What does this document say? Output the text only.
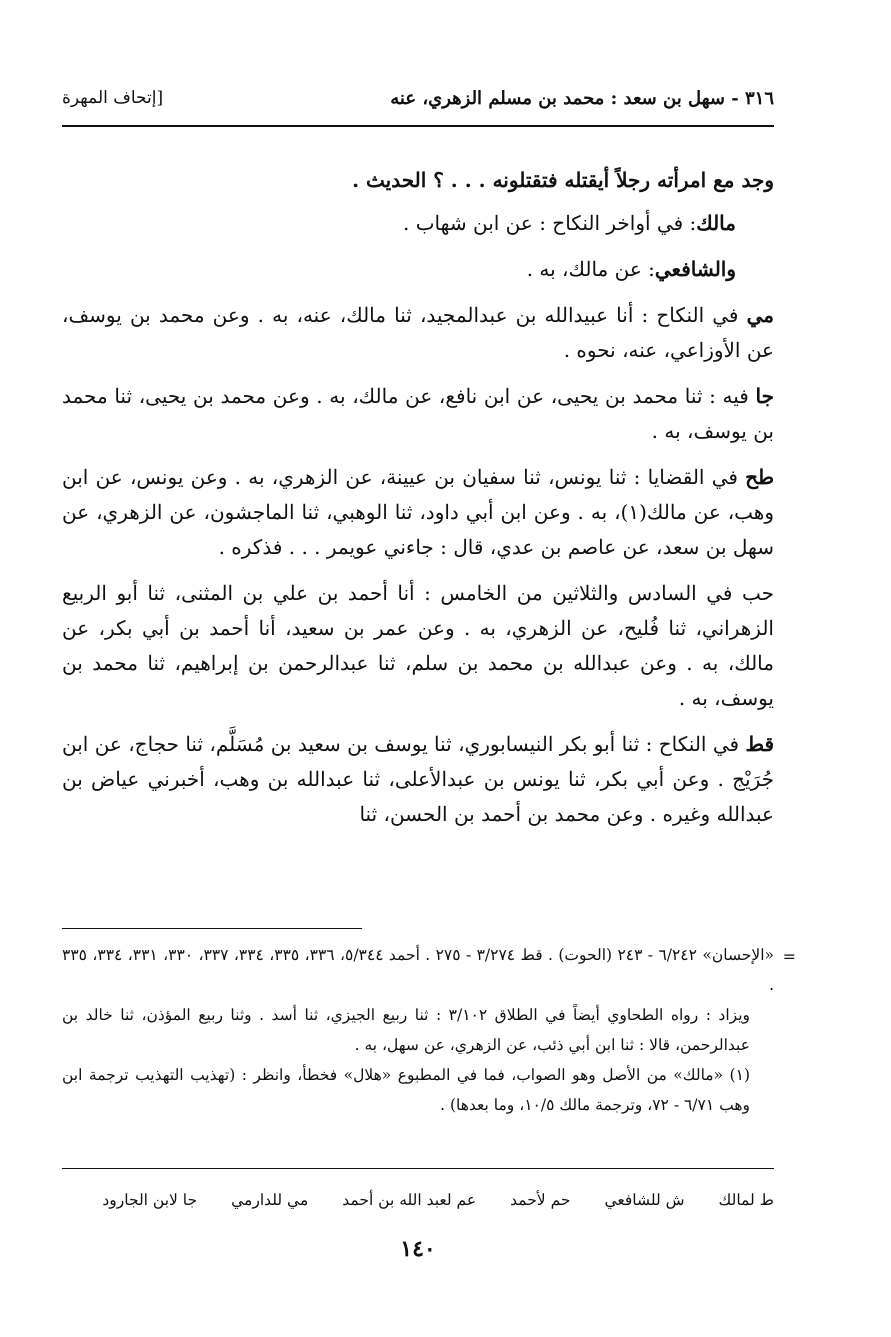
٣١٦ - سهل بن سعد : محمد بن مسلم الزهري، عنه
[إتحاف المهرة

وجد مع امرأته رجلاً أيقتله فتقتلونه . . . ؟ الحديث .

مالك: في أواخر النكاح : عن ابن شهاب .

والشافعي: عن مالك، به .

مي في النكاح : أنا عبيدالله بن عبدالمجيد، ثنا مالك، عنه، به . وعن محمد بن يوسف، عن الأوزاعي، عنه، نحوه .

جا فيه : ثنا محمد بن يحيى، عن ابن نافع، عن مالك، به . وعن محمد بن يحيى، ثنا محمد بن يوسف، به .

طح في القضايا : ثنا يونس، ثنا سفيان بن عيينة، عن الزهري، به . وعن يونس، عن ابن وهب، عن مالك(١)، به . وعن ابن أبي داود، ثنا الوهبي، ثنا الماجشون، عن الزهري، عن سهل بن سعد، عن عاصم بن عدي، قال : جاءني عويمر . . . فذكره .

حب في السادس والثلاثين من الخامس : أنا أحمد بن علي بن المثنى، ثنا أبو الربيع الزهراني، ثنا فُليح، عن الزهري، به . وعن عمر بن سعيد، أنا أحمد بن أبي بكر، عن مالك، به . وعن عبدالله بن محمد بن سلم، ثنا عبدالرحمن بن إبراهيم، ثنا محمد بن يوسف، به .

قط في النكاح : ثنا أبو بكر النيسابوري، ثنا يوسف بن سعيد بن مُسَلَّم، ثنا حجاج، عن ابن جُرَيْج . وعن أبي بكر، ثنا يونس بن عبدالأعلى، ثنا عبدالله بن وهب، أخبرني عياض بن عبدالله وغيره . وعن محمد بن أحمد بن الحسن، ثنا

=

«الإحسان» ٦/٢٤٢ - ٢٤٣ (الحوت) . قط ٣/٢٧٤ - ٢٧٥ . أحمد ٥/٣٤٤، ٣٣٦، ٣٣٥، ٣٣٤، ٣٣٧، ٣٣٠، ٣٣١، ٣٣٤، ٣٣٥ .

ويزاد : رواه الطحاوي أيضاً في الطلاق ٣/١٠٢ : ثنا ربيع الجيزي، ثنا أسد . وثنا ربيع المؤذن، ثنا خالد بن عبدالرحمن، قالا : ثنا ابن أبي ذئب، عن الزهري، عن سهل، به .

(١) «مالك» من الأصل وهو الصواب، فما في المطبوع «هلال» فخطأ، وانظر : (تهذيب التهذيب ترجمة ابن وهب ٦/٧١ - ٧٢، وترجمة مالك ١٠/٥، وما بعدها) .

ط لمالك
ش للشافعي
حم لأحمد
عم لعبد الله بن أحمد
مي للدارمي
جا لابن الجارود
١٤٠
